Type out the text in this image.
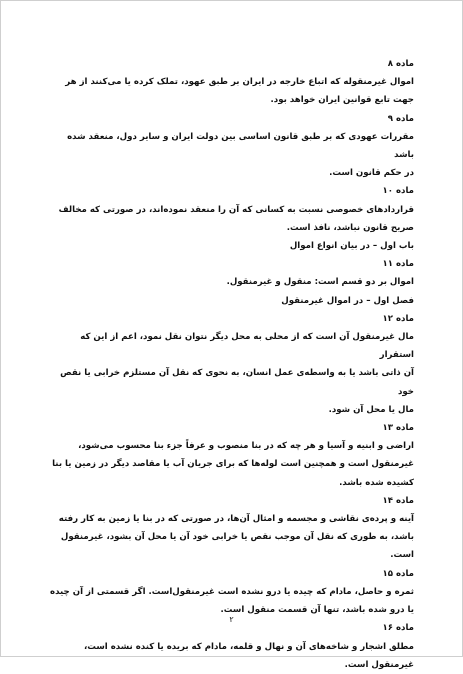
ماده ۸

اموال غیرمنقوله که اتباع خارجه در ایران بر طبق عهود، تملک کرده یا می‌کنند از هر

جهت تابع قوانین ایران خواهد بود.

ماده ۹

مقررات عهودی که بر طبق قانون اساسی بین دولت ایران و سایر دول، منعقد شده باشد

در حکم قانون است.

ماده ۱۰

قراردادهای خصوصی نسبت به کسانی که آن را منعقد نموده‌اند، در صورتی که مخالف

صریح قانون نباشد، نافذ است.

باب اول – در بیان انواع اموال

ماده ۱۱

اموال بر دو قسم است: منقول و غیرمنقول.

فصل اول – در اموال غیرمنقول

ماده ۱۲

مال غیرمنقول آن است که از محلی به محل دیگر نتوان نقل نمود، اعم از این که استقرار

آن ذاتی باشد یا به واسطه‌ی عمل انسان، به نحوی که نقل آن مستلزم خرابی یا نقص خود

مال یا محل آن شود.

ماده ۱۳

اراضی و ابنیه و آسیا و هر چه که در بنا منصوب و عرفاً جزء بنا محسوب می‌شود،

غیرمنقول است و همچنین است لوله‌ها که برای جریان آب یا مقاصد دیگر در زمین یا بنا

کشیده شده باشد.

ماده ۱۴

آینه و پرده‌ی نقاشی و مجسمه و امثال آن‌ها، در صورتی که در بنا یا زمین به کار رفته

باشد، به طوری که نقل آن موجب نقص یا خرابی خود آن یا محل آن بشود، غیرمنقول

است.

ماده ۱۵

ثمره و حاصل، مادام که چیده یا درو نشده است غیرمنقول‌است. اگر قسمتی از آن چیده

یا درو شده باشد، تنها آن قسمت منقول است.

ماده ۱۶

مطلق اشجار و شاخه‌های آن و نهال و قلمه، مادام که بریده یا کنده نشده است،

غیرمنقول است.

۲
